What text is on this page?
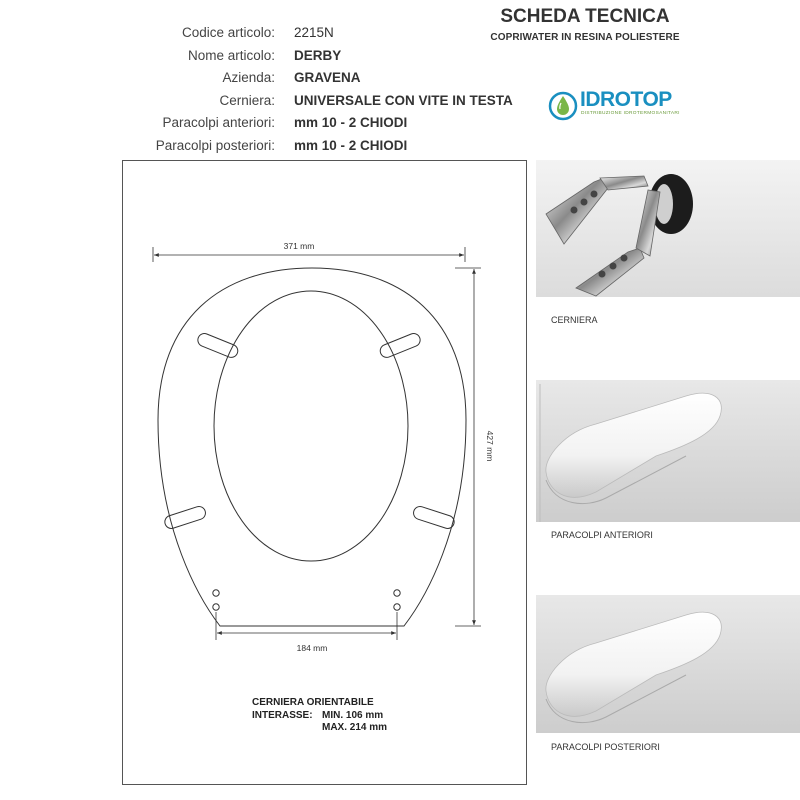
Codice articolo: 2215N
Nome articolo: DERBY
Azienda: GRAVENA
Cerniera: UNIVERSALE CON VITE IN TESTA
Paracolpi anteriori: mm 10 - 2 CHIODI
Paracolpi posteriori: mm 10 - 2 CHIODI
SCHEDA TECNICA
COPRIWATER IN RESINA POLIESTERE
IDROTOP
DISTRIBUZIONE IDROTERMOSANITARI
371 mm
427 mm
184 mm
CERNIERA ORIENTABILE
INTERASSE: MIN. 106 mm
MAX. 214 mm
CERNIERA
PARACOLPI ANTERIORI
PARACOLPI POSTERIORI
